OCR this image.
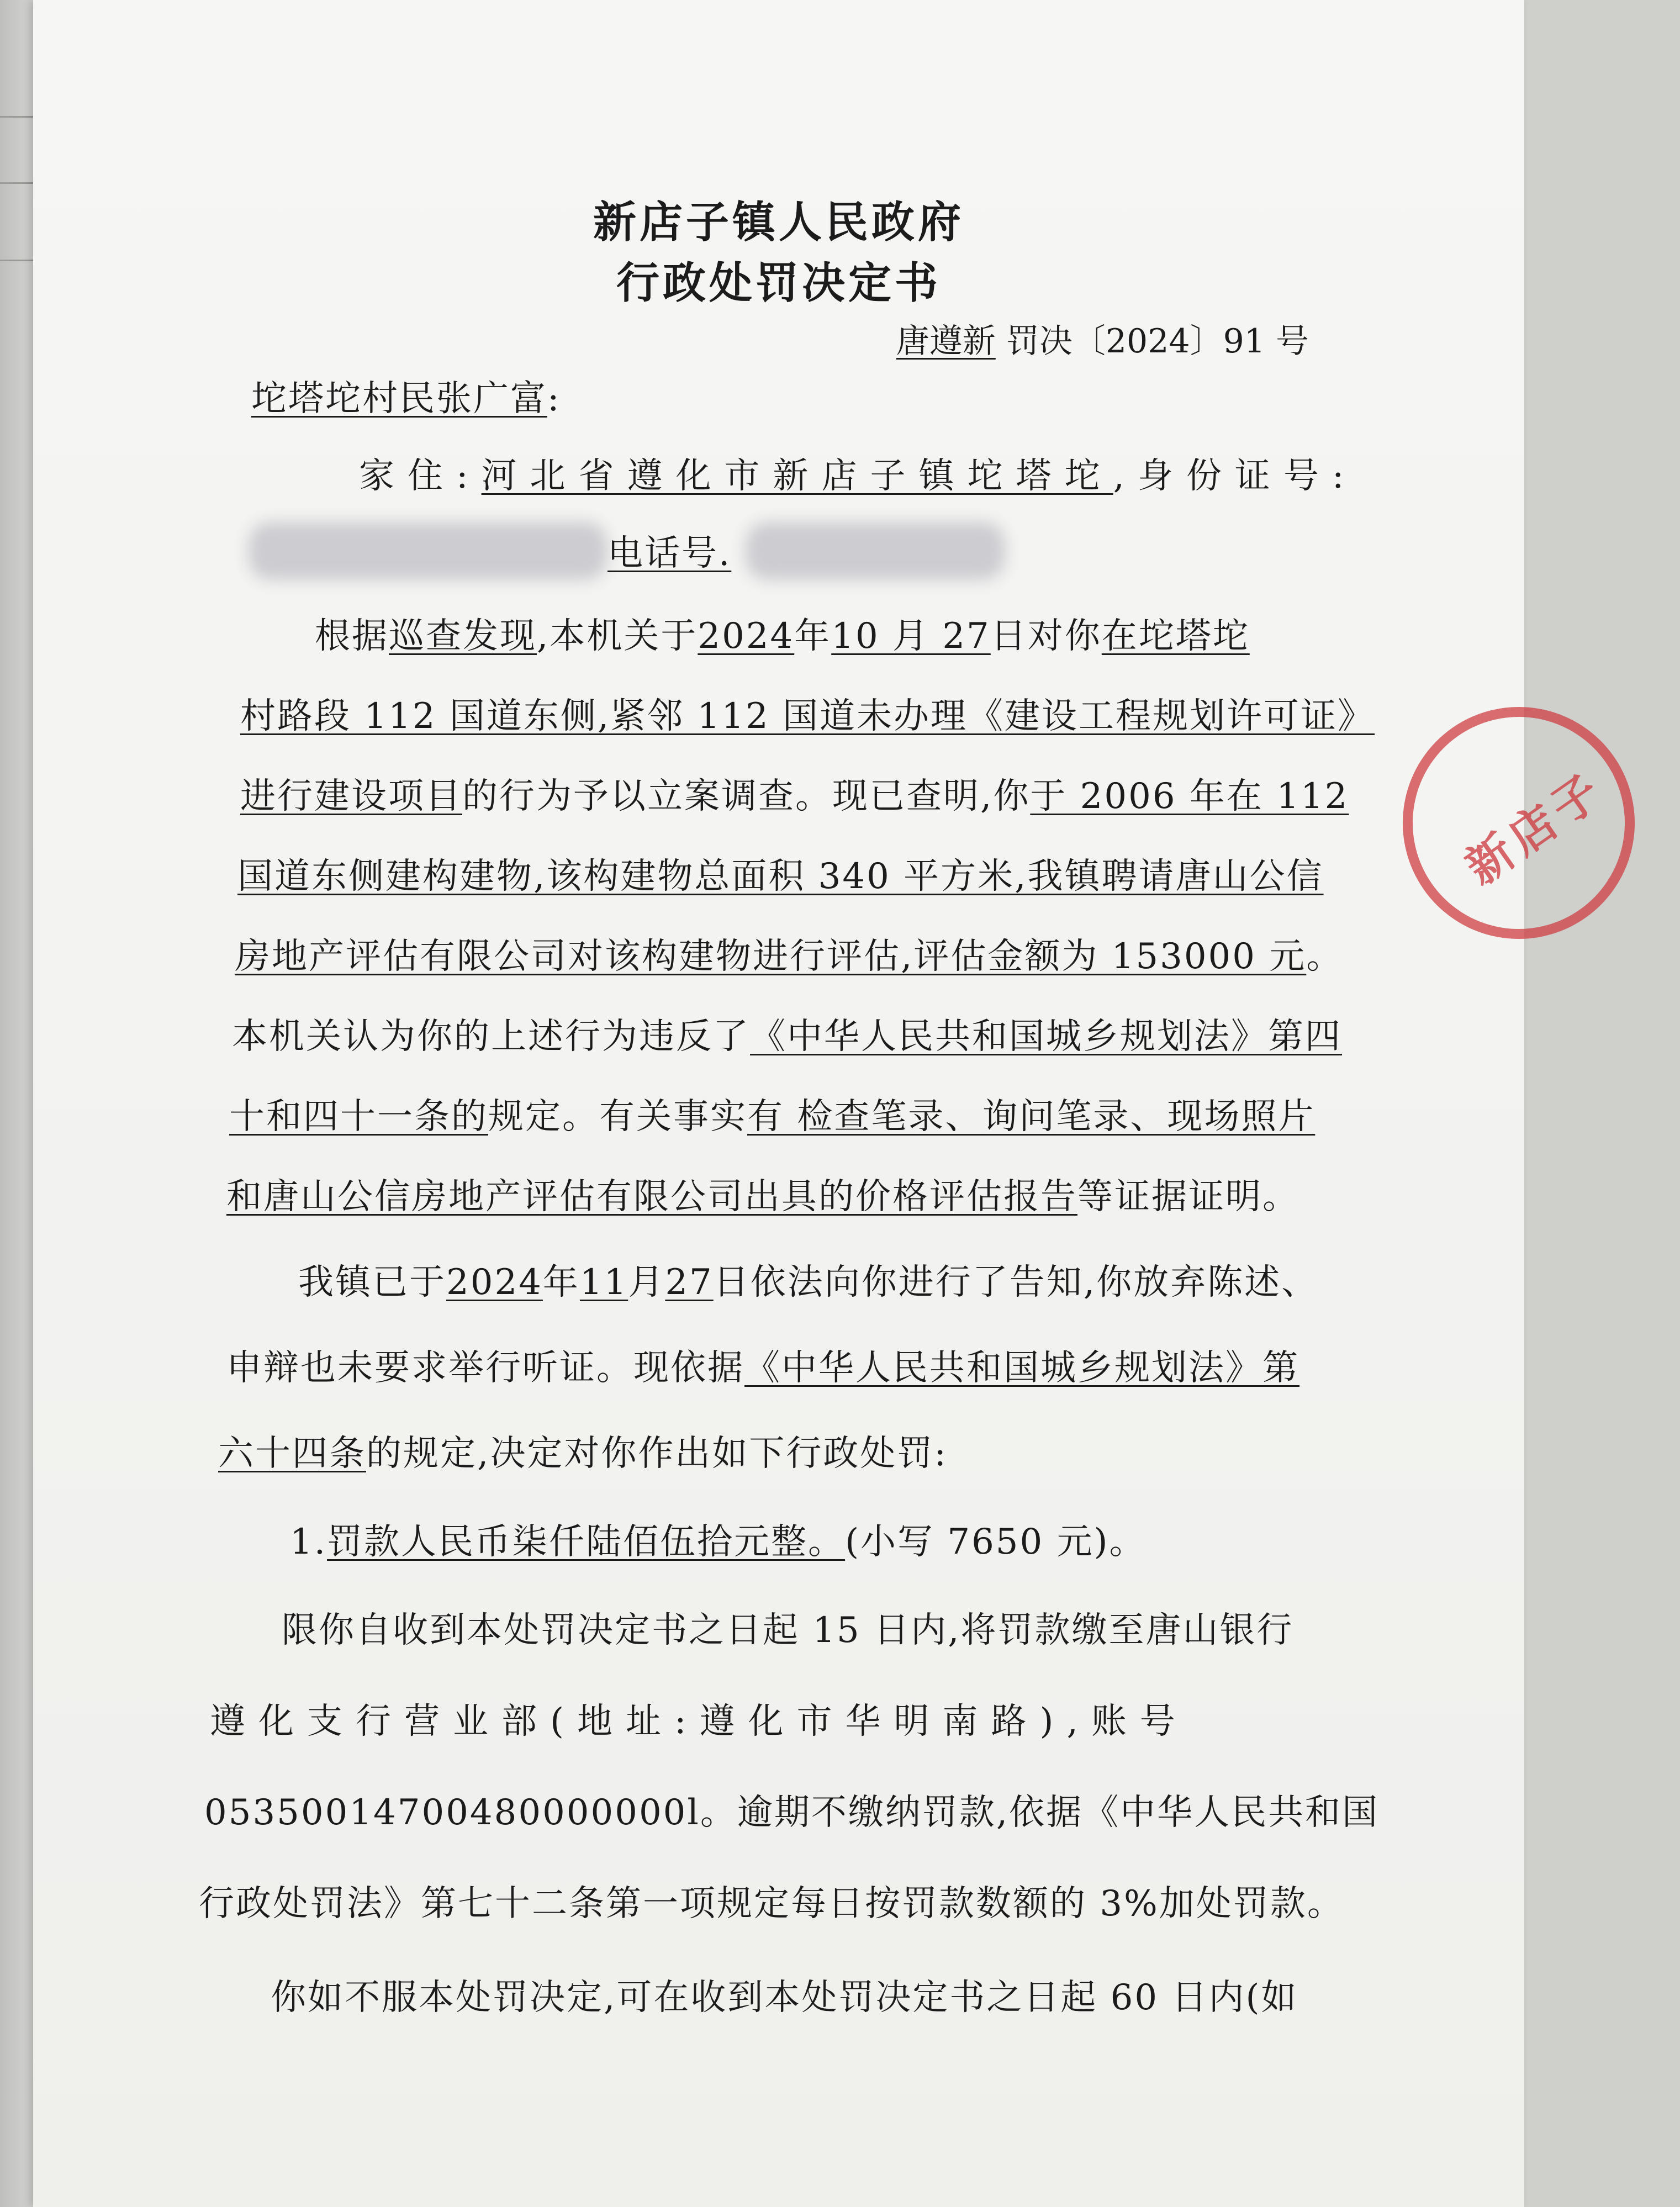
新店子镇人民政府
行政处罚决定书
唐遵新 罚决〔2024〕91 号
坨塔坨村民张广富:
家住:河北省遵化市新店子镇坨塔坨,身份证号:
电话号.
根据巡查发现,本机关于2024年10 月 27日对你在坨塔坨
村路段 112 国道东侧,紧邻 112 国道未办理《建设工程规划许可证》
进行建设项目的行为予以立案调查。现已查明,你于 2006 年在 112
国道东侧建构建物,该构建物总面积 340 平方米,我镇聘请唐山公信
房地产评估有限公司对该构建物进行评估,评估金额为 153000 元。
本机关认为你的上述行为违反了《中华人民共和国城乡规划法》第四
十和四十一条的规定。有关事实有 检查笔录、询问笔录、现场照片
和唐山公信房地产评估有限公司出具的价格评估报告等证据证明。
我镇已于2024年11月27日依法向你进行了告知,你放弃陈述、
申辩也未要求举行听证。现依据《中华人民共和国城乡规划法》第
六十四条的规定,决定对你作出如下行政处罚:
1.罚款人民币柒仟陆佰伍拾元整。(小写 7650 元)。
限你自收到本处罚决定书之日起 15 日内,将罚款缴至唐山银行
遵化支行营业部(地址:遵化市华明南路),账号
05350014700480000000l。逾期不缴纳罚款,依据《中华人民共和国
行政处罚法》第七十二条第一项规定每日按罚款数额的 3%加处罚款。
你如不服本处罚决定,可在收到本处罚决定书之日起 60 日内(如
新店子
